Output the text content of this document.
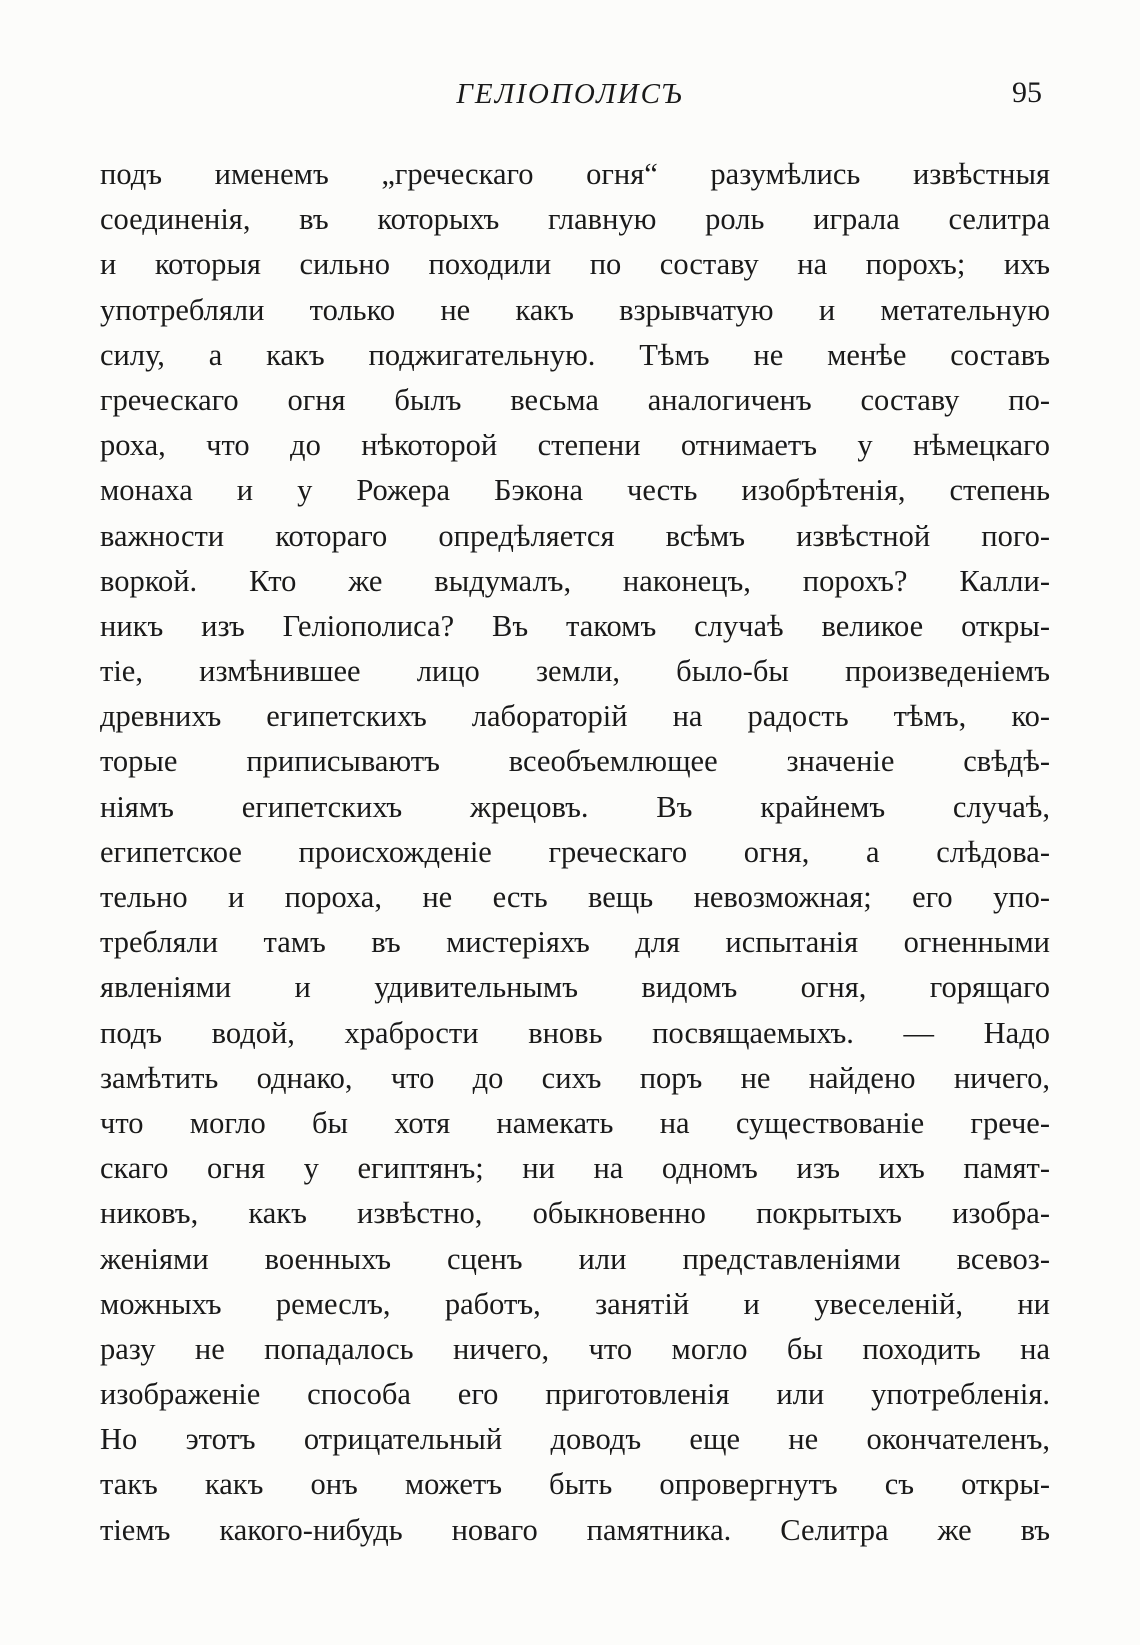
ГЕЛІОПОЛИСЪ	95
подъ именемъ „греческаго огня“ разумѣлись извѣстныя
соединенія, въ которыхъ главную роль играла селитра
и которыя сильно походили по составу на порохъ; ихъ
употребляли только не какъ взрывчатую и метательную
силу, а какъ поджигательную. Тѣмъ не менѣе составъ
греческаго огня былъ весьма аналогиченъ составу по-
роха, что до нѣкоторой степени отнимаетъ у нѣмецкаго
монаха и у Рожера Бэкона честь изобрѣтенія, степень
важности котораго опредѣляется всѣмъ извѣстной пого-
воркой. Кто же выдумалъ, наконецъ, порохъ? Калли-
никъ изъ Геліополиса? Въ такомъ случаѣ великое откры-
тіе, измѣнившее лицо земли, было-бы произведеніемъ
древнихъ египетскихъ лабораторій на радость тѣмъ, ко-
торые приписываютъ всеобъемлющее значеніе свѣдѣ-
ніямъ египетскихъ жрецовъ. Въ крайнемъ случаѣ,
египетское происхожденіе греческаго огня, а слѣдова-
тельно и пороха, не есть вещь невозможная; его упо-
требляли тамъ въ мистеріяхъ для испытанія огненными
явленіями и удивительнымъ видомъ огня, горящаго
подъ водой, храбрости вновь посвящаемыхъ. — Надо
замѣтить однако, что до сихъ поръ не найдено ничего,
что могло бы хотя намекать на существованіе грече-
скаго огня у египтянъ; ни на одномъ изъ ихъ памят-
никовъ, какъ извѣстно, обыкновенно покрытыхъ изобра-
женіями военныхъ сценъ или представленіями всевоз-
можныхъ ремеслъ, работъ, занятій и увеселеній, ни
разу не попадалось ничего, что могло бы походить на
изображеніе способа его приготовленія или употребленія.
Но этотъ отрицательный доводъ еще не окончателенъ,
такъ какъ онъ можетъ быть опровергнутъ съ откры-
тіемъ какого-нибудь новаго памятника. Селитра же въ
